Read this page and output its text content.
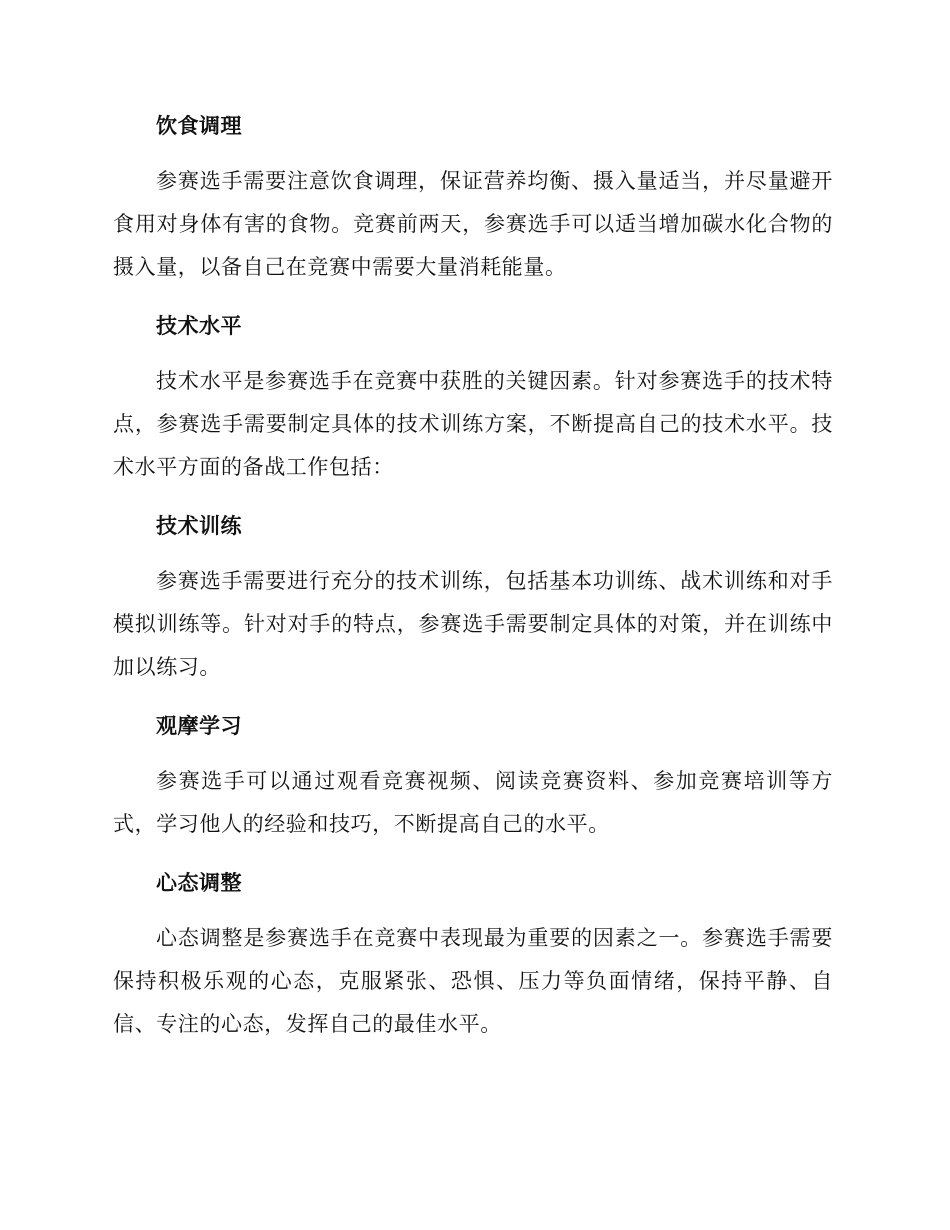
饮食调理

参赛选手需要注意饮食调理，保证营养均衡、摄入量适当，并尽量避开食用对身体有害的食物。竞赛前两天，参赛选手可以适当增加碳水化合物的摄入量，以备自己在竞赛中需要大量消耗能量。

技术水平

技术水平是参赛选手在竞赛中获胜的关键因素。针对参赛选手的技术特点，参赛选手需要制定具体的技术训练方案，不断提高自己的技术水平。技术水平方面的备战工作包括：

技术训练

参赛选手需要进行充分的技术训练，包括基本功训练、战术训练和对手模拟训练等。针对对手的特点，参赛选手需要制定具体的对策，并在训练中加以练习。

观摩学习

参赛选手可以通过观看竞赛视频、阅读竞赛资料、参加竞赛培训等方式，学习他人的经验和技巧，不断提高自己的水平。

心态调整

心态调整是参赛选手在竞赛中表现最为重要的因素之一。参赛选手需要保持积极乐观的心态，克服紧张、恐惧、压力等负面情绪，保持平静、自信、专注的心态，发挥自己的最佳水平。
